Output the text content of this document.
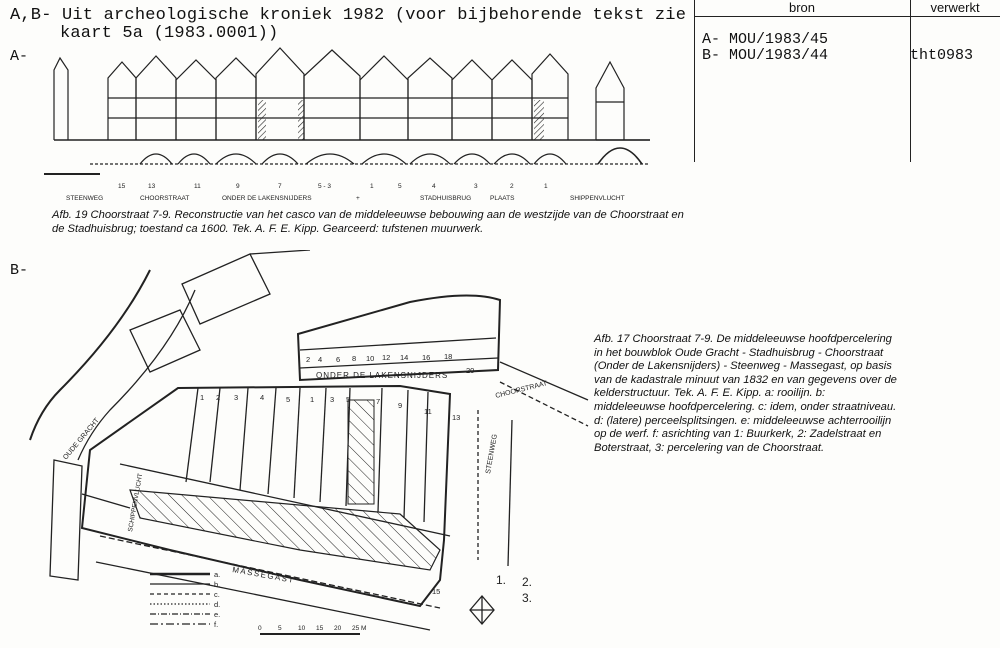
A,B- Uit archeologische kroniek 1982 (voor bijbehorende tekst zie
kaart 5a (1983.0001))
A-
B-
bron	verwerkt
A- MOU/1983/45
B- MOU/1983/44	tht0983
15	13	11	9	7	5 - 3	1	5	4	3	2	1
STEENWEG	CHOORSTRAAT	ONDER DE LAKENSNIJDERS	+	STADHUISBRUG	PLAATS	SHIPPENVLUCHT
Afb. 19 Choorstraat 7-9. Reconstructie van het casco van de middeleeuwse bebouwing aan de westzijde van de Choorstraat en de Stadhuisbrug; toestand ca 1600. Tek. A. F. E. Kipp. Gearceerd: tufstenen muurwerk.
2 4 6 8 10 12 14 16 18
20
1 2 3	4	5	1 3 5	7 9
11
13
15
ONDER DE LAKENSNIJDERS
CHOORSTRAAT
STEENWEG
MASSEGAST
OUDE GRACHT
SCHIPPENVLUCHT
a.
b.
c.
d.
e.
f.	0	5	10 15 20 25 M
1. 2.
3.
Afb. 17 Choorstraat 7-9. De middeleeuwse hoofdpercelering in het bouwblok Oude Gracht - Stadhuisbrug - Choorstraat (Onder de Lakensnijders) - Steenweg - Massegast, op basis van de kadastrale minuut van 1832 en van gegevens over de kelderstructuur. Tek. A. F. E. Kipp. a: rooilijn. b: middeleeuwse hoofdpercelering. c: idem, onder straatniveau. d: (latere) perceelsplitsingen. e: middeleeuwse achterrooilijn op de werf. f: asrichting van 1: Buurkerk, 2: Zadelstraat en Boterstraat, 3: percelering van de Choorstraat.
